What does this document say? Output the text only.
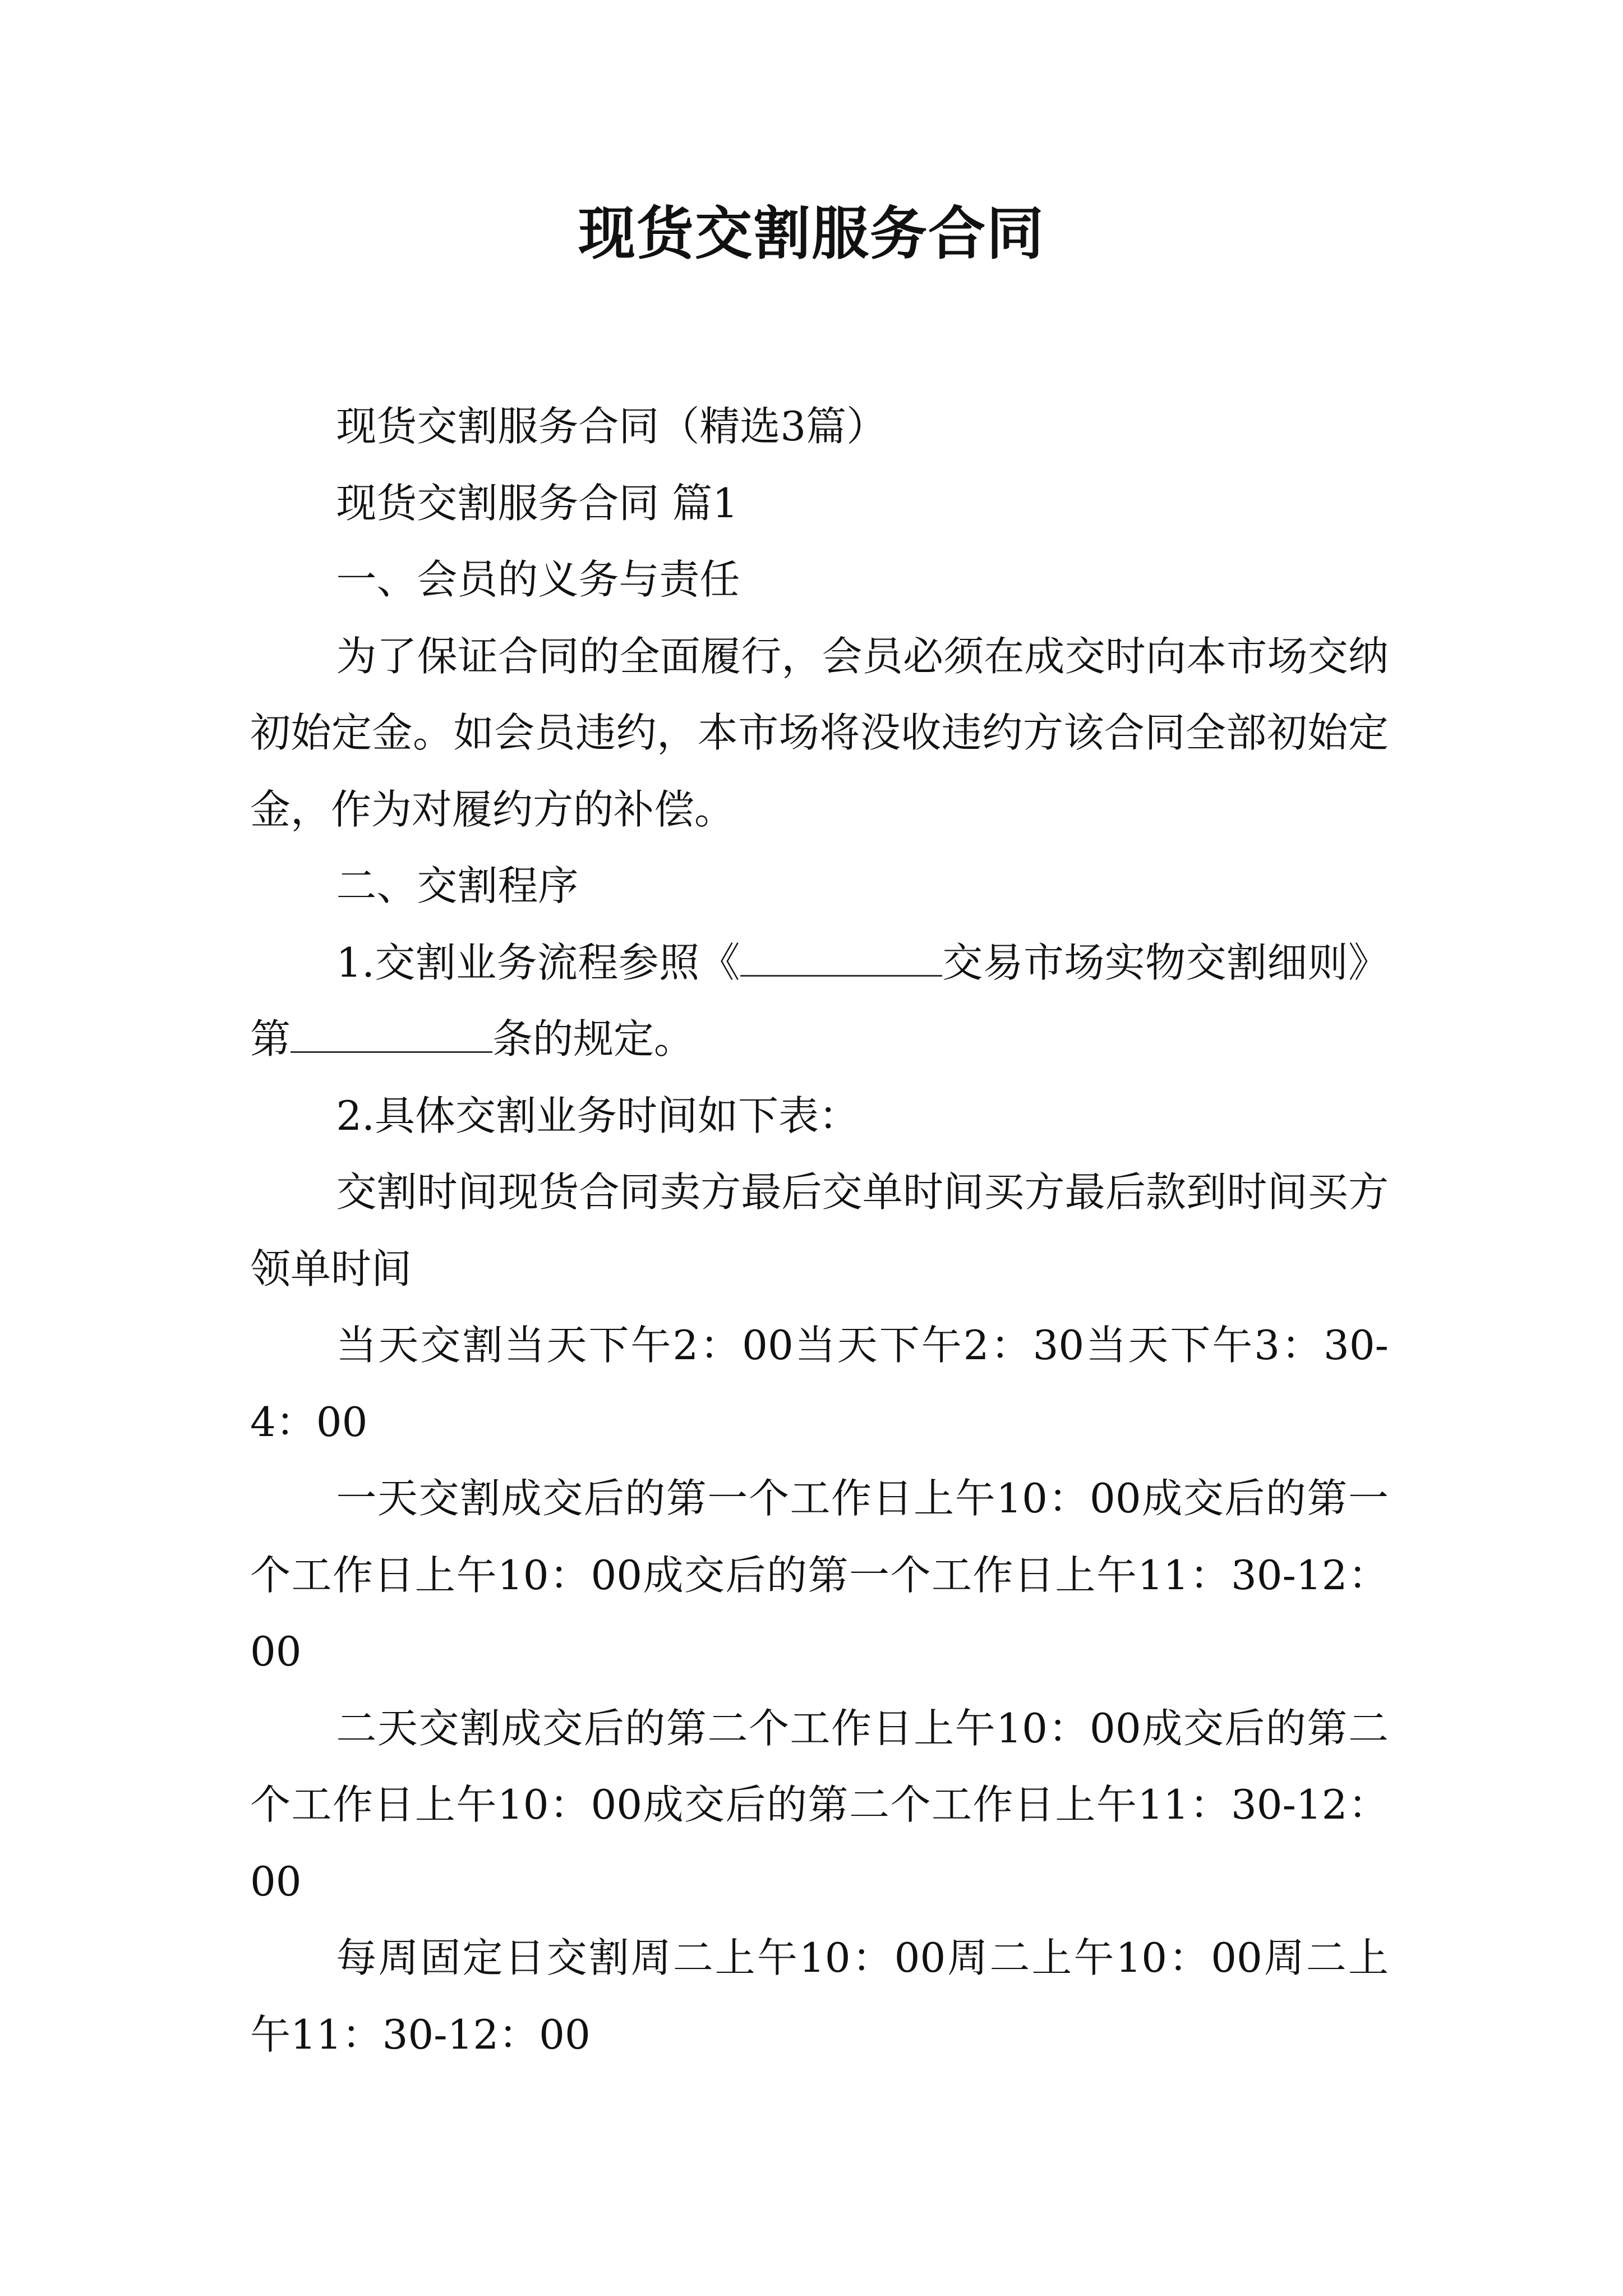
现货交割服务合同

现货交割服务合同（精选3篇）

现货交割服务合同 篇1

一、会员的义务与责任

为了保证合同的全面履行，会员必须在成交时向本市场交纳初始定金。如会员违约，本市场将没收违约方该合同全部初始定金，作为对履约方的补偿。

二、交割程序

1.交割业务流程参照《	交易市场实物交割细则》第	条的规定。

2.具体交割业务时间如下表：

交割时间现货合同卖方最后交单时间买方最后款到时间买方领单时间

当天交割当天下午2：00当天下午2：30当天下午3：30-4：00

一天交割成交后的第一个工作日上午10：00成交后的第一个工作日上午10：00成交后的第一个工作日上午11：30-12：00

二天交割成交后的第二个工作日上午10：00成交后的第二个工作日上午10：00成交后的第二个工作日上午11：30-12：00

每周固定日交割周二上午10：00周二上午10：00周二上午11：30-12：00
